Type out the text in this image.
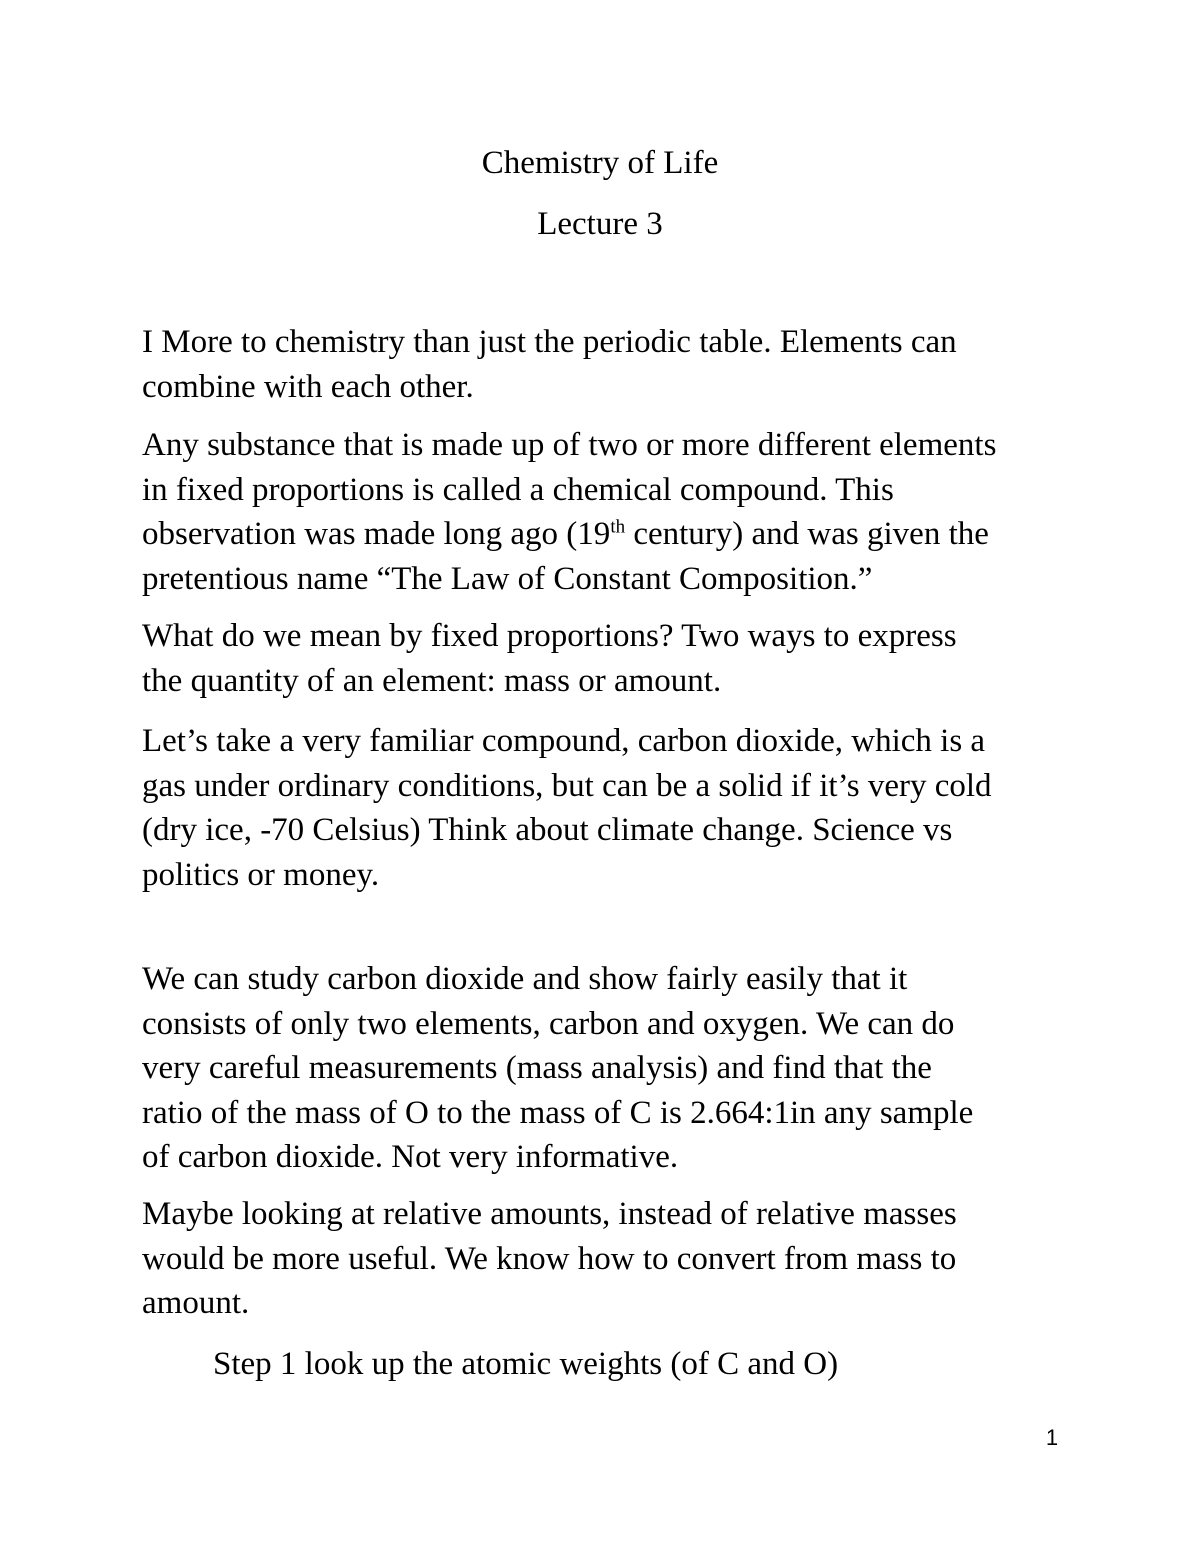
Chemistry of Life

Lecture 3

I More to chemistry than just the periodic table. Elements can
combine with each other.
Any substance that is made up of two or more different elements
in fixed proportions is called a chemical compound. This
observation was made long ago (19th century) and was given the
pretentious name “The Law of Constant Composition.”
What do we mean by fixed proportions? Two ways to express
the quantity of an element: mass or amount.
Let’s take a very familiar compound, carbon dioxide, which is a
gas under ordinary conditions, but can be a solid if it’s very cold
(dry ice, -70 Celsius) Think about climate change. Science vs
politics or money.
We can study carbon dioxide and show fairly easily that it
consists of only two elements, carbon and oxygen. We can do
very careful measurements (mass analysis) and find that the
ratio of the mass of O to the mass of C is 2.664:1in any sample
of carbon dioxide. Not very informative.
Maybe looking at relative amounts, instead of relative masses
would be more useful. We know how to convert from mass to
amount.

Step 1 look up the atomic weights (of C and O)

1
